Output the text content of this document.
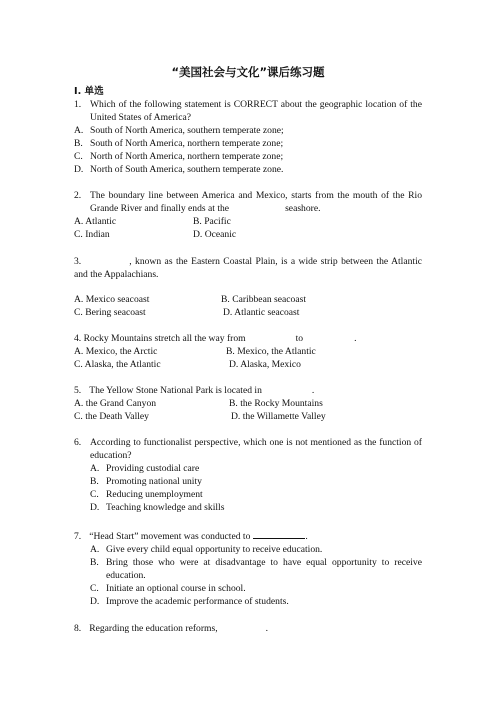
“美国社会与文化”课后练习题
I. 单选
1. Which of the following statement is CORRECT about the geographic location of the United States of America?
A. South of North America, southern temperate zone;
B. South of North America, northern temperate zone;
C. North of North America, northern temperate zone;
D. North of South America, southern temperate zone.
2. The boundary line between America and Mexico, starts from the mouth of the Rio Grande River and finally ends at the	seashore.
A. Atlantic	B. Pacific
C. Indian	D. Oceanic
3.	, known as the Eastern Coastal Plain, is a wide strip between the Atlantic and the Appalachians.
A. Mexico seacoast	B. Caribbean seacoast
C. Bering seacoast	D. Atlantic seacoast
4. Rocky Mountains stretch all the way from	to	.
A. Mexico, the Arctic	B. Mexico, the Atlantic
C. Alaska, the Atlantic	D. Alaska, Mexico
5. The Yellow Stone National Park is located in	.
A. the Grand Canyon	B. the Rocky Mountains
C. the Death Valley	D. the Willamette Valley
6. According to functionalist perspective, which one is not mentioned as the function of education?
A. Providing custodial care
B. Promoting national unity
C. Reducing unemployment
D. Teaching knowledge and skills
7. “Head Start” movement was conducted to	.
A. Give every child equal opportunity to receive education.
B. Bring those who were at disadvantage to have equal opportunity to receive education.
C. Initiate an optional course in school.
D. Improve the academic performance of students.
8. Regarding the education reforms,	.
